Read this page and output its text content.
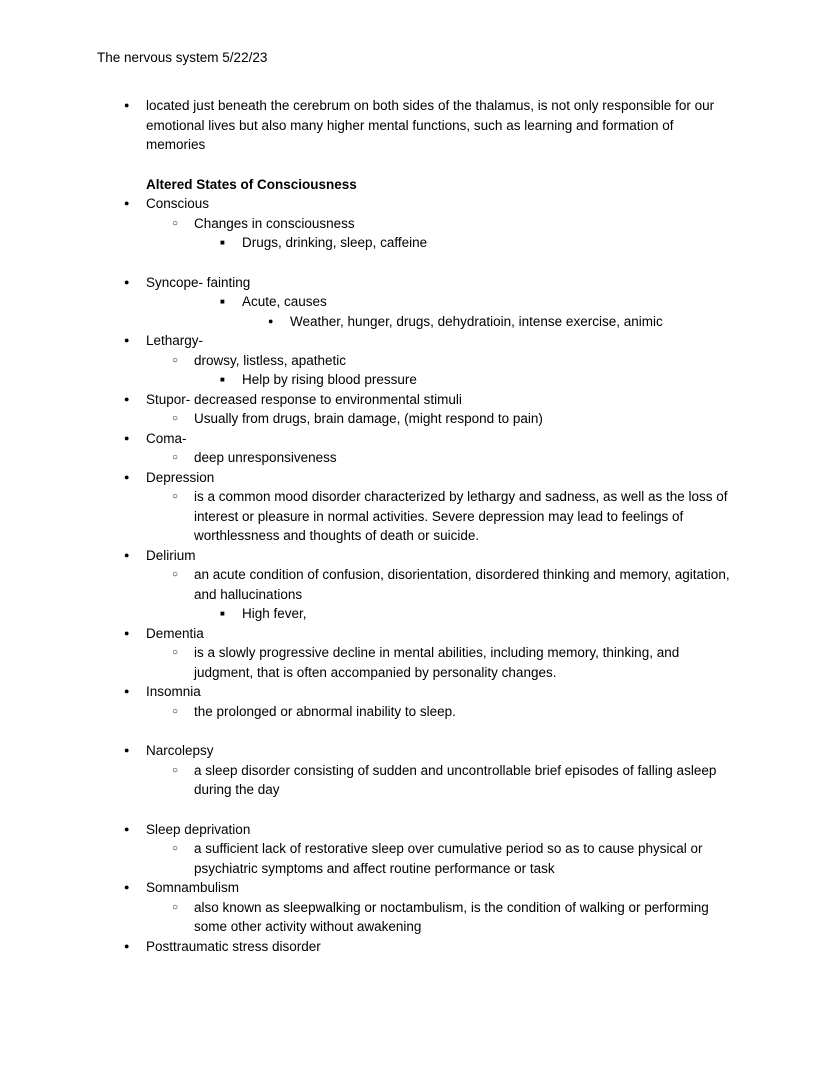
The nervous system 5/22/23
●	located just beneath the cerebrum on both sides of the thalamus, is not only responsible for our emotional lives but also many higher mental functions, such as learning and formation of memories
Altered States of Consciousness
●	Conscious
○	Changes in consciousness
■	Drugs, drinking, sleep, caffeine
●	Syncope- fainting
■	Acute, causes
●	Weather, hunger, drugs, dehydratioin, intense exercise, animic
●	Lethargy-
○	drowsy, listless, apathetic
■	Help by rising blood pressure
●	Stupor- decreased response to environmental stimuli
○	Usually from drugs, brain damage, (might respond to pain)
●	Coma-
○	deep unresponsiveness
●	Depression
○	is a common mood disorder characterized by lethargy and sadness, as well as the loss of interest or pleasure in normal activities. Severe depression may lead to feelings of worthlessness and thoughts of death or suicide.
●	Delirium
○	an acute condition of confusion, disorientation, disordered thinking and memory, agitation, and hallucinations
■	High fever,
●	Dementia
○	is a slowly progressive decline in mental abilities, including memory, thinking, and judgment, that is often accompanied by personality changes.
●	Insomnia
○	the prolonged or abnormal inability to sleep.
●	Narcolepsy
○	a sleep disorder consisting of sudden and uncontrollable brief episodes of falling asleep during the day
●	Sleep deprivation
○	a sufficient lack of restorative sleep over cumulative period so as to cause physical or psychiatric symptoms and affect routine performance or task
●	Somnambulism
○	also known as sleepwalking or noctambulism, is the condition of walking or performing some other activity without awakening
●	Posttraumatic stress disorder
